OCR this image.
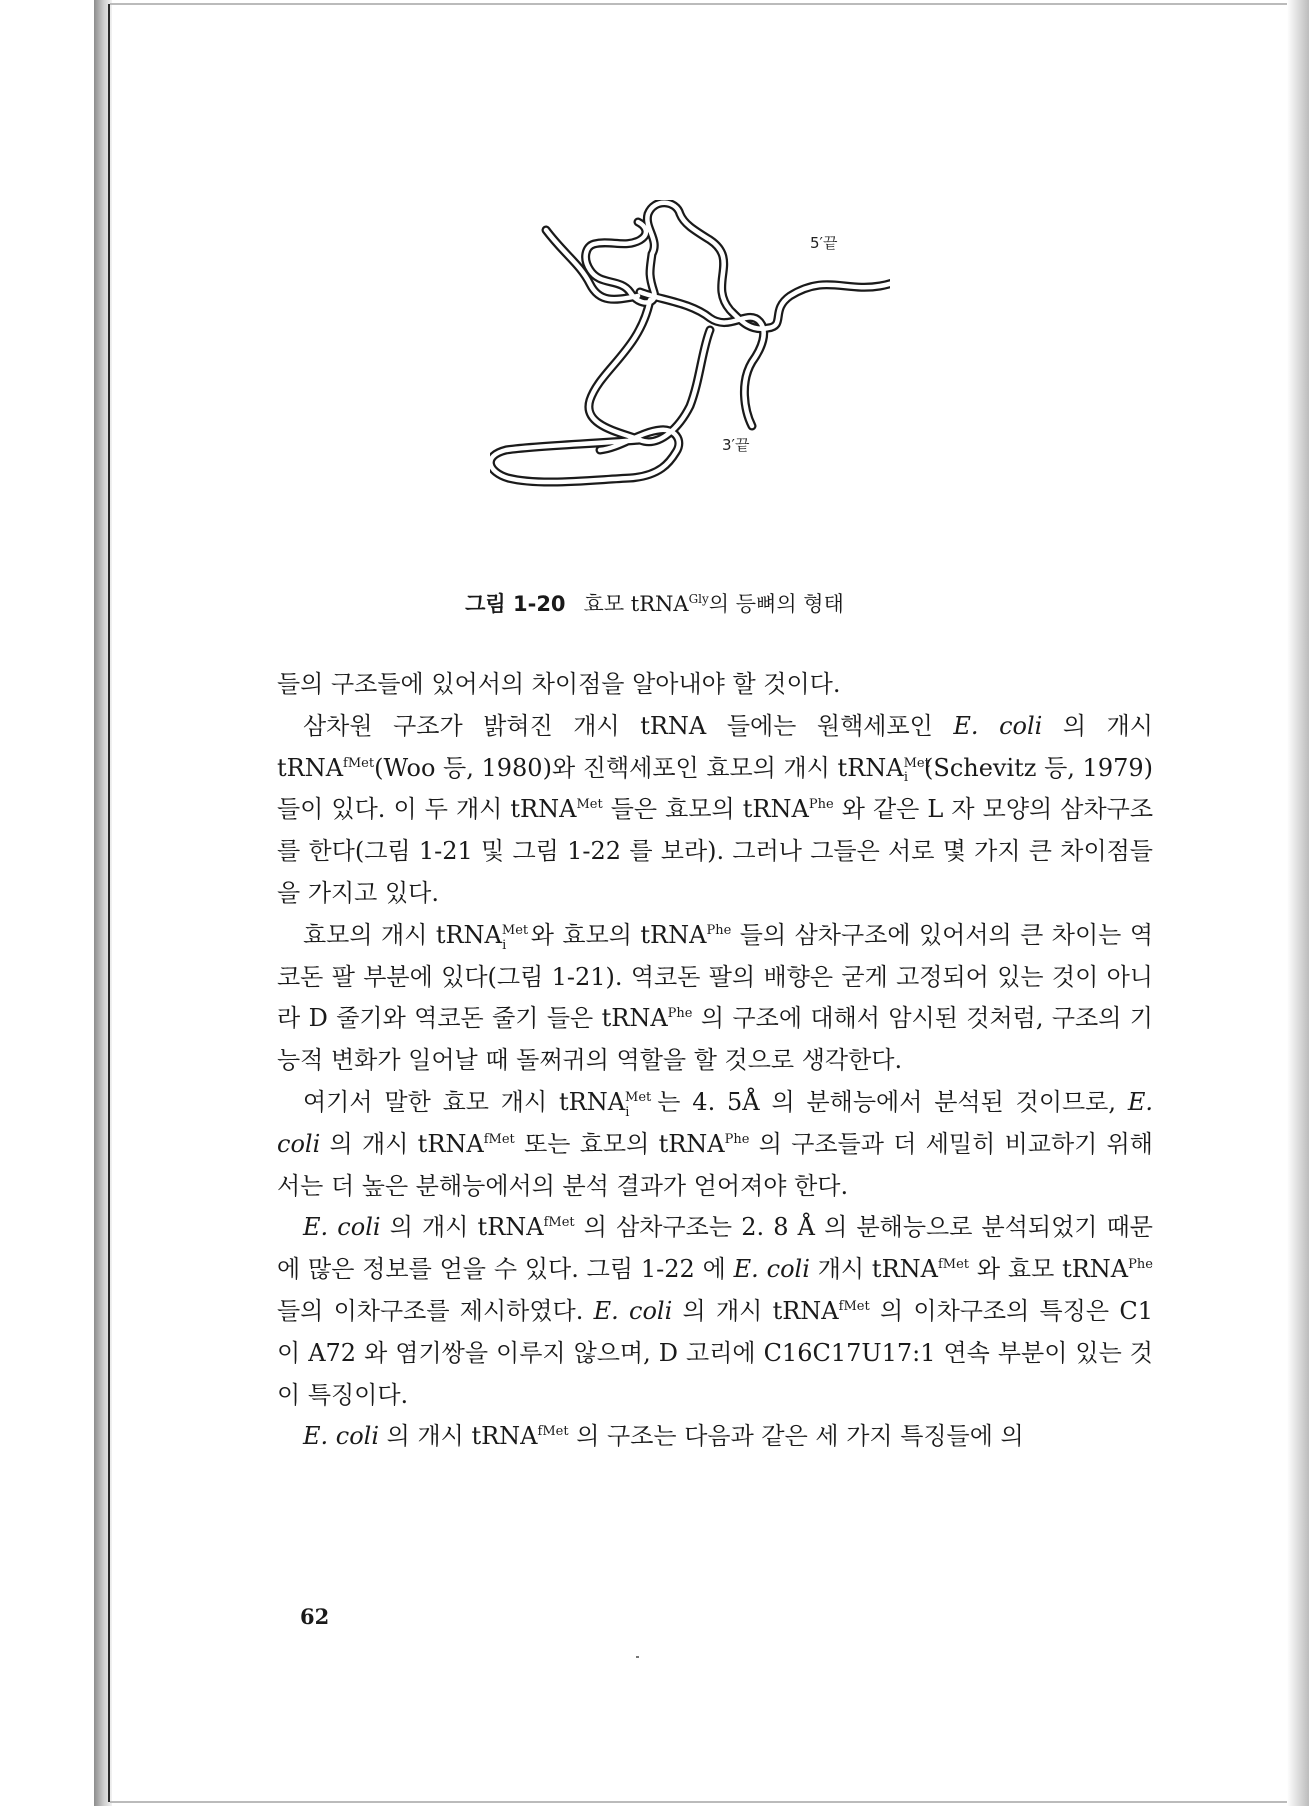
5′끝
3′끝
그림 1-20 효모 tRNA$^{Gly}$의 등뼈의 형태

들의 구조들에 있어서의 차이점을 알아내야 할 것이다.

삼차원 구조가 밝혀진 개시 tRNA 들에는 원핵세포인 E. coli 의 개시 tRNA$^{fMet}$(Woo 등, 1980)와 진핵세포인 효모의 개시 tRNA$^{Met}_i$ (Schevitz 등, 1979)들이 있다. 이 두 개시 tRNA$^{Met}$ 들은 효모의 tRNA$^{Phe}$ 와 같은 L 자 모양의 삼차구조를 한다(그림 1-21 및 그림 1-22 를 보라). 그러나 그들은 서로 몇 가지 큰 차이점들을 가지고 있다.

효모의 개시 tRNA$^{Met}_i$ 와 효모의 tRNA$^{Phe}$ 들의 삼차구조에 있어서의 큰 차이는 역코돈 팔 부분에 있다(그림 1-21). 역코돈 팔의 배향은 굳게 고정되어 있는 것이 아니라 D 줄기와 역코돈 줄기 들은 tRNA$^{Phe}$ 의 구조에 대해서 암시된 것처럼, 구조의 기능적 변화가 일어날 때 돌쩌귀의 역할을 할 것으로 생각한다.

여기서 말한 효모 개시 tRNA$^{Met}_i$ 는 4. 5Å 의 분해능에서 분석된 것이므로, E. coli 의 개시 tRNA$^{fMet}$ 또는 효모의 tRNA$^{Phe}$ 의 구조들과 더 세밀히 비교하기 위해서는 더 높은 분해능에서의 분석 결과가 얻어져야 한다.

E. coli 의 개시 tRNA$^{fMet}$ 의 삼차구조는 2. 8 Å 의 분해능으로 분석되었기 때문에 많은 정보를 얻을 수 있다. 그림 1-22 에 E. coli 개시 tRNA$^{fMet}$ 와 효모 tRNA$^{Phe}$ 들의 이차구조를 제시하였다. E. coli 의 개시 tRNA$^{fMet}$ 의 이차구조의 특징은 C1 이 A72 와 염기쌍을 이루지 않으며, D 고리에 C16C17U17:1 연속 부분이 있는 것이 특징이다.

E. coli 의 개시 tRNA$^{fMet}$ 의 구조는 다음과 같은 세 가지 특징들에 의

62
